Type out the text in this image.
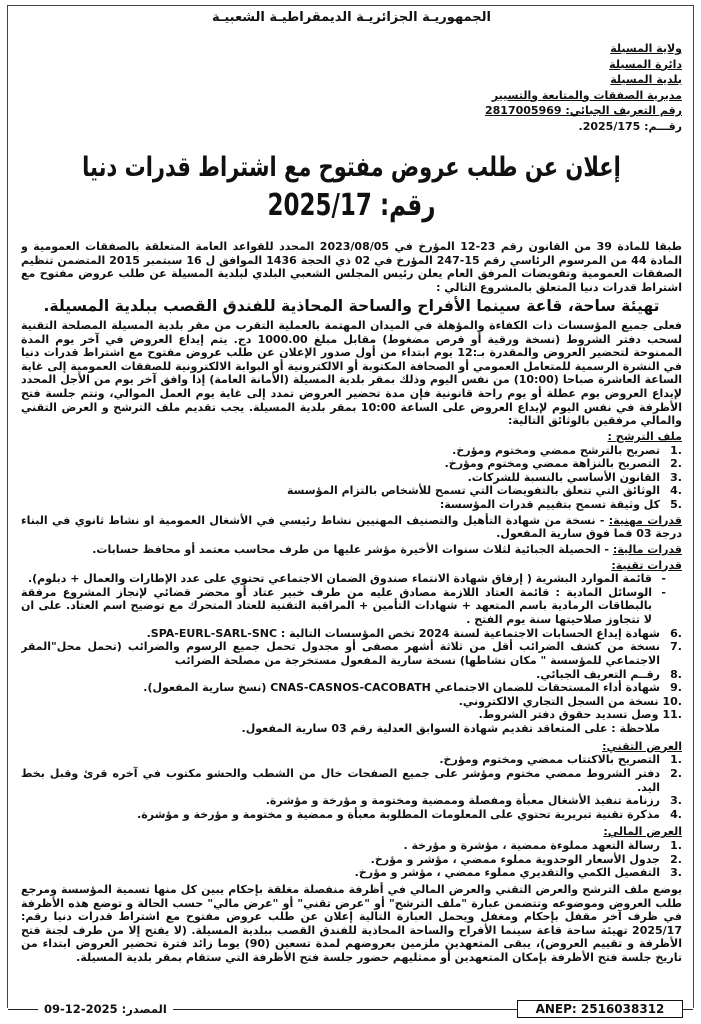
الجمهوريـة الجزائريـة الديمقراطيـة الشعبيـة
ولاية المسيلة
دائرة المسيلة
بلدية المسيلة
مديرية الصفقات والمتابعة والتسيير
رقم التعريف الجبائي: 2817005969
رقـــم: 2025/175.
إعلان عن طلب عروض مفتوح مع اشتراط قدرات دنيا
رقم: 2025/17

طبقا للمادة 39 من القانون رقم 23-12 المؤرخ في 2023/08/05 المحدد للقواعد العامة المتعلقة بالصفقات العمومية و المادة 44 من المرسوم الرئاسي رقم 15-247 المؤرخ في 02 ذي الحجة 1436 الموافق ل 16 سبتمبر 2015 المتضمن تنظيم الصفقات العمومية وتفويضات المرفق العام يعلن رئيس المجلس الشعبي البلدي لبلدية المسيلة عن طلب عروض مفتوح مع اشتراط قدرات دنيا المتعلق بالمشروع التالي :

تهيئة ساحة، قاعة سينما الأفراح والساحة المحاذية للفندق القصب ببلدية المسيلة.

فعلى جميع المؤسسات ذات الكفاءة والمؤهلة في الميدان المهتمة بالعملية التقرب من مقر بلدية المسيلة المصلحة التقنية لسحب دفتر الشروط (نسخة ورقية أو قرص مضغوط) مقابل مبلغ 1000.00 دج. يتم إيداع العروض في آخر يوم المدة الممنوحة لتحضير العروض والمقدرة بـ:12 يوم ابتداء من أول صدور الإعلان عن طلب عروض مفتوح مع اشتراط قدرات دنيا في النشرة الرسمية للمتعامل العمومي أو الصحافة المكتوبة أو الالكترونية أو البوابة الالكترونية للصفقات العمومية إلى غاية الساعة العاشرة صباحا (10:00) من نفس اليوم وذلك بمقر بلدية المسيلة (الأمانة العامة) إذا وافق آخر يوم من الأجل المحدد لإيداع العروض يوم عطلة أو يوم راحة قانونية فإن مدة تحضير العروض تمدد إلى غاية يوم العمل الموالي، وتتم جلسة فتح الأظرفة في نفس اليوم لإيداع العروض على الساعة 10:00 بمقر بلدية المسيلة. يجب تقديم ملف الترشح و العرض التقني والمالي مرفقين بالوثائق التالية:

ملف الترشح :
1.
تصريح بالترشح ممضي ومختوم ومؤرخ.
2.
التصريح بالنزاهة ممضي ومختوم ومؤرخ.
3.
القانون الأساسي بالنسبة للشركات.
4.
الوثائق التي تتعلق بالتفويضات التي تسمح للأشخاص بالتزام المؤسسة
5.
كل وثيقة تسمح بتقييم قدرات المؤسسة:
قدرات مهنية: - نسخة من شهادة التأهيل والتصنيف المهنيين نشاط رئيسي في الأشغال العمومية او نشاط ثانوي في البناء درجة 03 فما فوق سارية المفعول.
قدرات مالية: - الحصيلة الجبائية لثلاث سنوات الأخيرة مؤشر عليها من طرف محاسب معتمد أو محافظ حسابات.
قدرات تقنية:
-
قائمة الموارد البشرية ( إرفاق شهادة الانتماء صندوق الضمان الاجتماعي تحتوي على عدد الإطارات والعمال + دبلوم).
-
الوسائل المادية : قائمة العتاد اللازمة مصادق عليه من طرف خبير عتاد أو محضر قضائي لإنجاز المشروع مرفقة بالبطاقات الرمادية باسم المتعهد + شهادات التأمين + المراقبة التقنية للعتاد المتحرك مع توضيح اسم العتاد. على ان لا تتجاوز صلاحيتها سنة يوم الفتح .
6.
شهادة إيداع الحسابات الاجتماعية لسنة 2024 تخص المؤسسات التالية : SPA-EURL-SARL-SNC.
7.
نسخة من كشف الضرائب أقل من ثلاثة أشهر مصفى أو مجدول تحمل جميع الرسوم والضرائب (تحمل محل"المقر الاجتماعي للمؤسسة " مكان نشاطها) نسخة سارية المفعول مستخرجة من مصلحة الضرائب
8.
رقــم التعريف الجبائي.
9.
شهادة أداء المستحقات للضمان الاجتماعي CNAS-CASNOS-CACOBATH (نسخ سارية المفعول).
10.
نسخة من السجل التجاري الالكتروني.
11.
وصل تسديد حقوق دفتر الشروط.
ملاحظة : على المتعاقد تقديم شهادة السوابق العدلية رقم 03 سارية المفعول.
العرض التقني:
1.
التصريح بالاكتتاب ممضي ومختوم ومؤرخ.
2.
دفتر الشروط ممضي مختوم ومؤشر على جميع الصفحات خال من الشطب والحشو مكتوب في آخره قرئ وقبل بخط اليد.
3.
رزنامة تنفيذ الأشغال معبأة ومفصلة وممضية ومختومة و مؤرخة و مؤشرة.
4.
مذكرة تقنية تبريرية تحتوي على المعلومات المطلوبة معبأة و ممضية و مختومة و مؤرخة و مؤشرة.
العرض المالي:
1.
رسالة التعهد مملوءة ممضية ، مؤشرة و مؤرخة .
2.
جدول الأسعار الوحدوية مملوء ممضي ، مؤشر و مؤرخ.
3.
التفصيل الكمي والتقديري مملوء ممضي ، مؤشر و مؤرخ.

يوضع ملف الترشح والعرض التقني والعرض المالي في أظرفة منفصلة مغلقة بإحكام يبين كل منها تسمية المؤسسة ومرجع طلب العروض وموضوعه وتتضمن عبارة "ملف الترشح" أو "عرض تقني" أو "عرض مالي" حسب الحالة و توضع هذه الأظرفة في ظرف آخر مقفل بإحكام ومغفل ويحمل العبارة التالية إعلان عن طلب عروض مفتوح مع اشتراط قدرات دنيا رقم: 2025/17 تهيئة ساحة قاعة سينما الأفراح والساحة المحاذية للفندق القصب ببلدية المسيلة. (لا يفتح إلا من طرف لجنة فتح الأظرفة و تقييم العروض)، يبقى المتعهدين ملزمين بعروضهم لمدة تسعين (90) يوما زائد فترة تحضير العروض ابتداء من تاريخ جلسة فتح الأظرفة بإمكان المتعهدين أو ممثليهم حضور جلسة فتح الأظرفة التي ستقام بمقر بلدية المسيلة.

ANEP: 2516038312
المصدر: 2025-12-09
